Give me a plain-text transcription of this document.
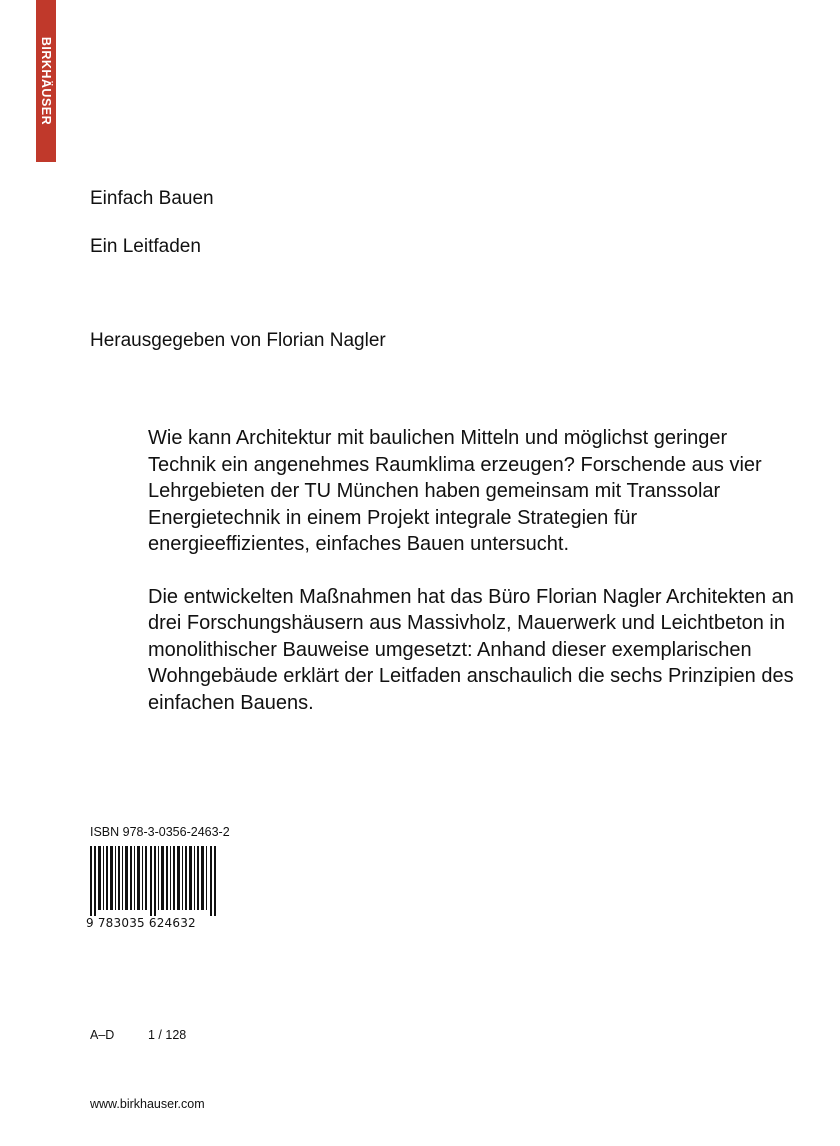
BIRKHÄUSER
Einfach Bauen
Ein Leitfaden
Herausgegeben von Florian Nagler

Wie kann Architektur mit baulichen Mitteln und möglichst geringer Technik ein angenehmes Raumklima erzeugen? Forschende aus vier Lehrgebieten der TU München haben gemeinsam mit Transsolar Energietechnik in einem Projekt integrale Strategien für energieeffizientes, einfaches Bauen untersucht.

Die entwickelten Maßnahmen hat das Büro Florian Nagler Architekten an drei Forschungshäusern aus Massivholz, Mauerwerk und Leichtbeton in monolithischer Bauweise umgesetzt: Anhand dieser exemplarischen Wohngebäude erklärt der Leitfaden anschaulich die sechs Prinzipien des einfachen Bauens.

ISBN 978-3-0356-2463-2
9 783035 624632
A–D	1 / 128
www.birkhauser.com
